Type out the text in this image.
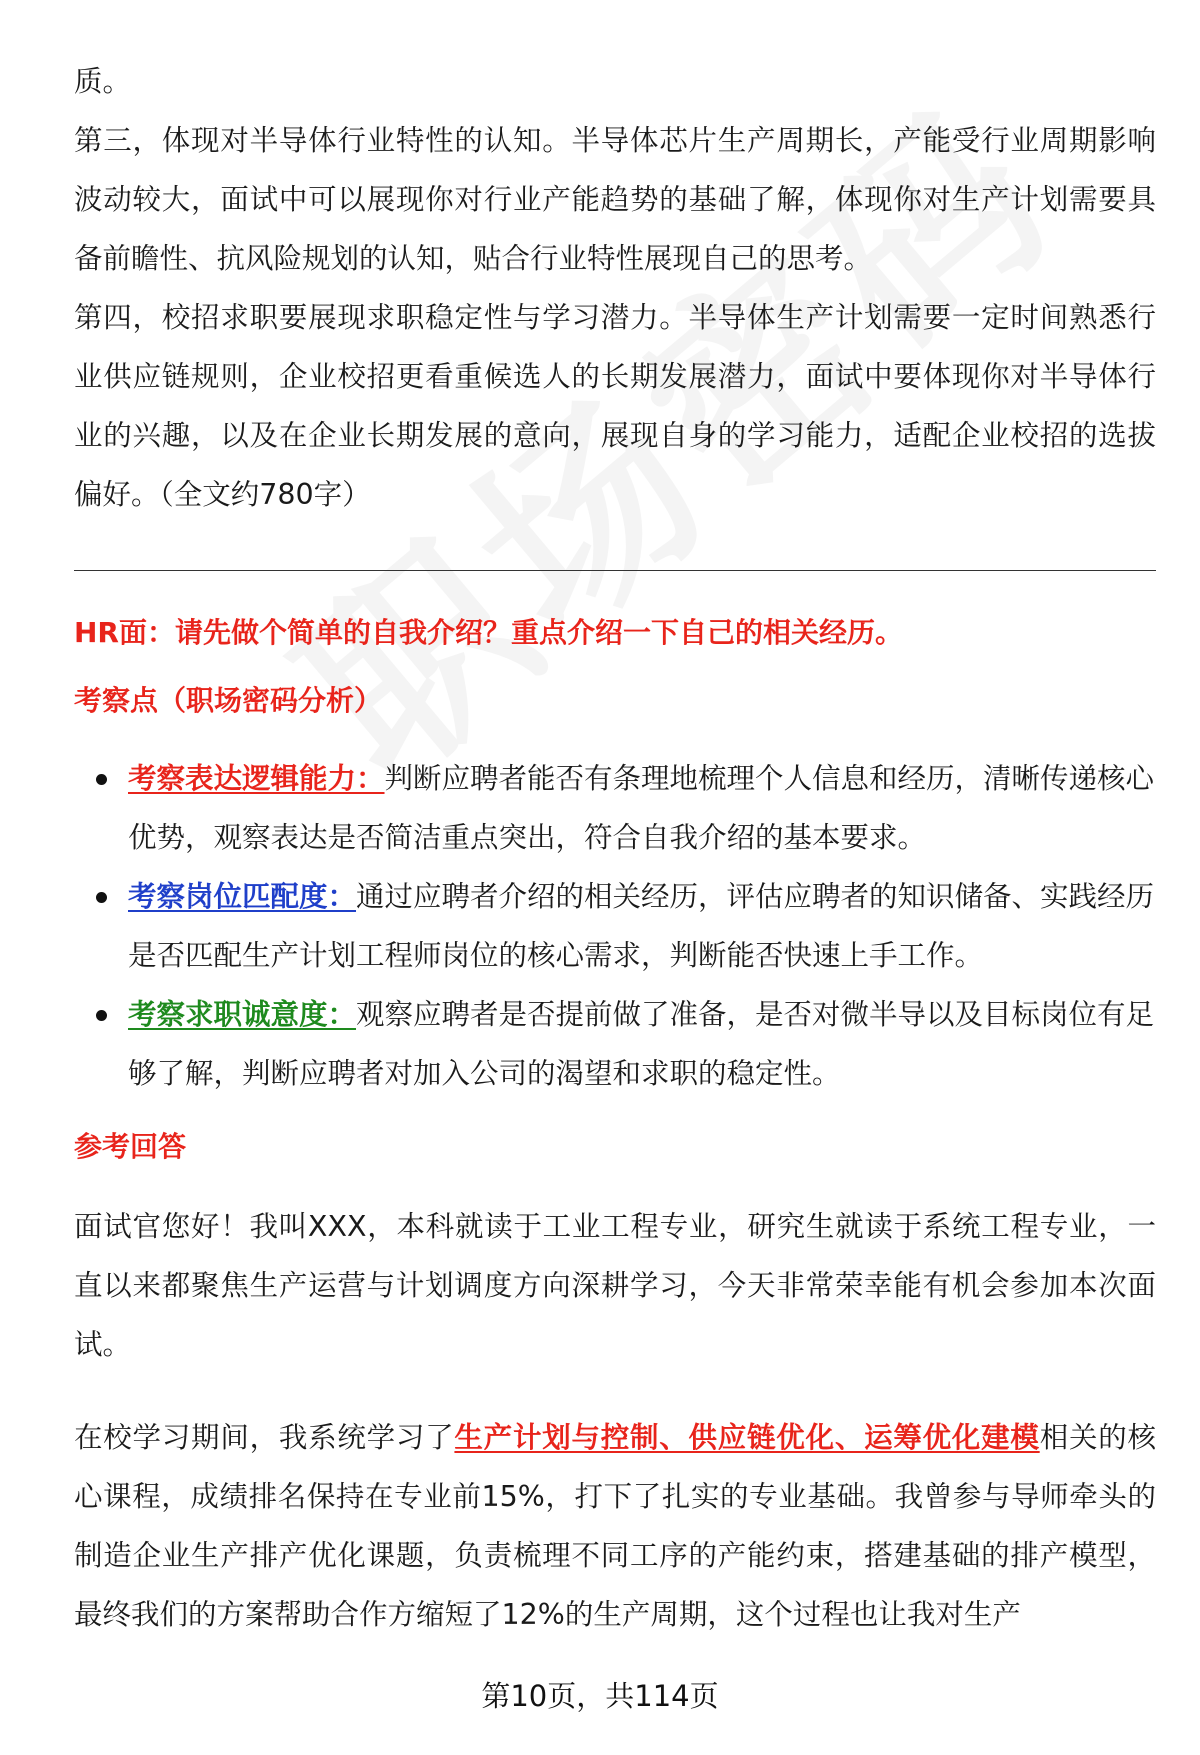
质。

第三，体现对半导体行业特性的认知。半导体芯片生产周期长，产能受行业周期影响波动较大，面试中可以展现你对行业产能趋势的基础了解，体现你对生产计划需要具备前瞻性、抗风险规划的认知，贴合行业特性展现自己的思考。

第四，校招求职要展现求职稳定性与学习潜力。半导体生产计划需要一定时间熟悉行业供应链规则，企业校招更看重候选人的长期发展潜力，面试中要体现你对半导体行业的兴趣，以及在企业长期发展的意向，展现自身的学习能力，适配企业校招的选拔偏好。（全文约780字）

HR面：请先做个简单的自我介绍？重点介绍一下自己的相关经历。
考察点（职场密码分析）
考察表达逻辑能力：判断应聘者能否有条理地梳理个人信息和经历，清晰传递核心优势，观察表达是否简洁重点突出，符合自我介绍的基本要求。
考察岗位匹配度：通过应聘者介绍的相关经历，评估应聘者的知识储备、实践经历是否匹配生产计划工程师岗位的核心需求，判断能否快速上手工作。
考察求职诚意度：观察应聘者是否提前做了准备，是否对微半导以及目标岗位有足够了解，判断应聘者对加入公司的渴望和求职的稳定性。
参考回答

面试官您好！我叫XXX，本科就读于工业工程专业，研究生就读于系统工程专业，一直以来都聚焦生产运营与计划调度方向深耕学习，今天非常荣幸能有机会参加本次面试。

在校学习期间，我系统学习了生产计划与控制、供应链优化、运筹优化建模相关的核心课程，成绩排名保持在专业前15%，打下了扎实的专业基础。我曾参与导师牵头的制造企业生产排产优化课题，负责梳理不同工序的产能约束，搭建基础的排产模型，最终我们的方案帮助合作方缩短了12%的生产周期，这个过程也让我对生产

第10页，共114页
